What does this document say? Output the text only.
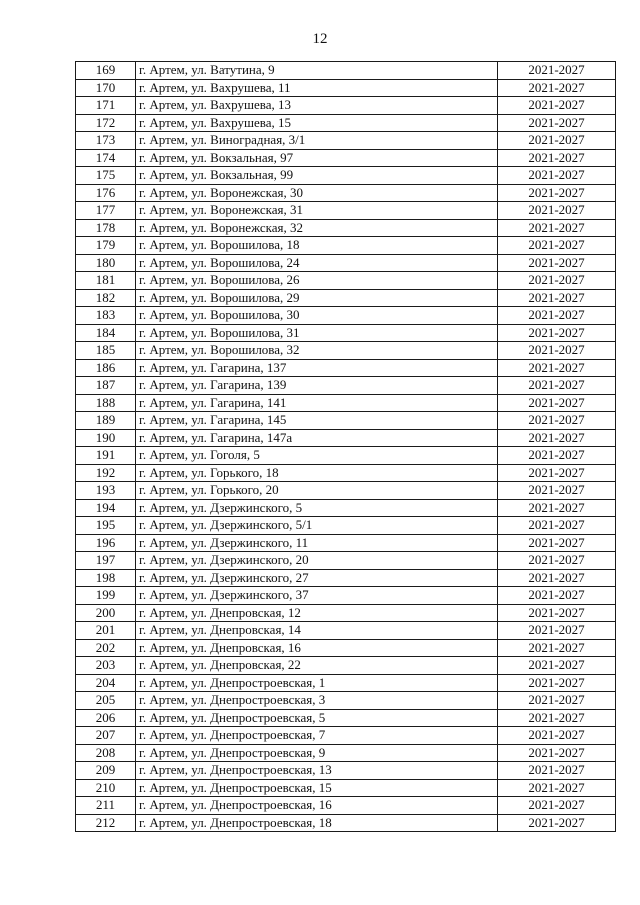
12
169	г. Артем, ул. Ватутина, 9	2021-2027
170	г. Артем, ул. Вахрушева, 11	2021-2027
171	г. Артем, ул. Вахрушева, 13	2021-2027
172	г. Артем, ул. Вахрушева, 15	2021-2027
173	г. Артем, ул. Виноградная, 3/1	2021-2027
174	г. Артем, ул. Вокзальная, 97	2021-2027
175	г. Артем, ул. Вокзальная, 99	2021-2027
176	г. Артем, ул. Воронежская, 30	2021-2027
177	г. Артем, ул. Воронежская, 31	2021-2027
178	г. Артем, ул. Воронежская, 32	2021-2027
179	г. Артем, ул. Ворошилова, 18	2021-2027
180	г. Артем, ул. Ворошилова, 24	2021-2027
181	г. Артем, ул. Ворошилова, 26	2021-2027
182	г. Артем, ул. Ворошилова, 29	2021-2027
183	г. Артем, ул. Ворошилова, 30	2021-2027
184	г. Артем, ул. Ворошилова, 31	2021-2027
185	г. Артем, ул. Ворошилова, 32	2021-2027
186	г. Артем, ул. Гагарина, 137	2021-2027
187	г. Артем, ул. Гагарина, 139	2021-2027
188	г. Артем, ул. Гагарина, 141	2021-2027
189	г. Артем, ул. Гагарина, 145	2021-2027
190	г. Артем, ул. Гагарина, 147а	2021-2027
191	г. Артем, ул. Гоголя, 5	2021-2027
192	г. Артем, ул. Горького, 18	2021-2027
193	г. Артем, ул. Горького, 20	2021-2027
194	г. Артем, ул. Дзержинского, 5	2021-2027
195	г. Артем, ул. Дзержинского, 5/1	2021-2027
196	г. Артем, ул. Дзержинского, 11	2021-2027
197	г. Артем, ул. Дзержинского, 20	2021-2027
198	г. Артем, ул. Дзержинского, 27	2021-2027
199	г. Артем, ул. Дзержинского, 37	2021-2027
200	г. Артем, ул. Днепровская, 12	2021-2027
201	г. Артем, ул. Днепровская, 14	2021-2027
202	г. Артем, ул. Днепровская, 16	2021-2027
203	г. Артем, ул. Днепровская, 22	2021-2027
204	г. Артем, ул. Днепростроевская, 1	2021-2027
205	г. Артем, ул. Днепростроевская, 3	2021-2027
206	г. Артем, ул. Днепростроевская, 5	2021-2027
207	г. Артем, ул. Днепростроевская, 7	2021-2027
208	г. Артем, ул. Днепростроевская, 9	2021-2027
209	г. Артем, ул. Днепростроевская, 13	2021-2027
210	г. Артем, ул. Днепростроевская, 15	2021-2027
211	г. Артем, ул. Днепростроевская, 16	2021-2027
212	г. Артем, ул. Днепростроевская, 18	2021-2027
